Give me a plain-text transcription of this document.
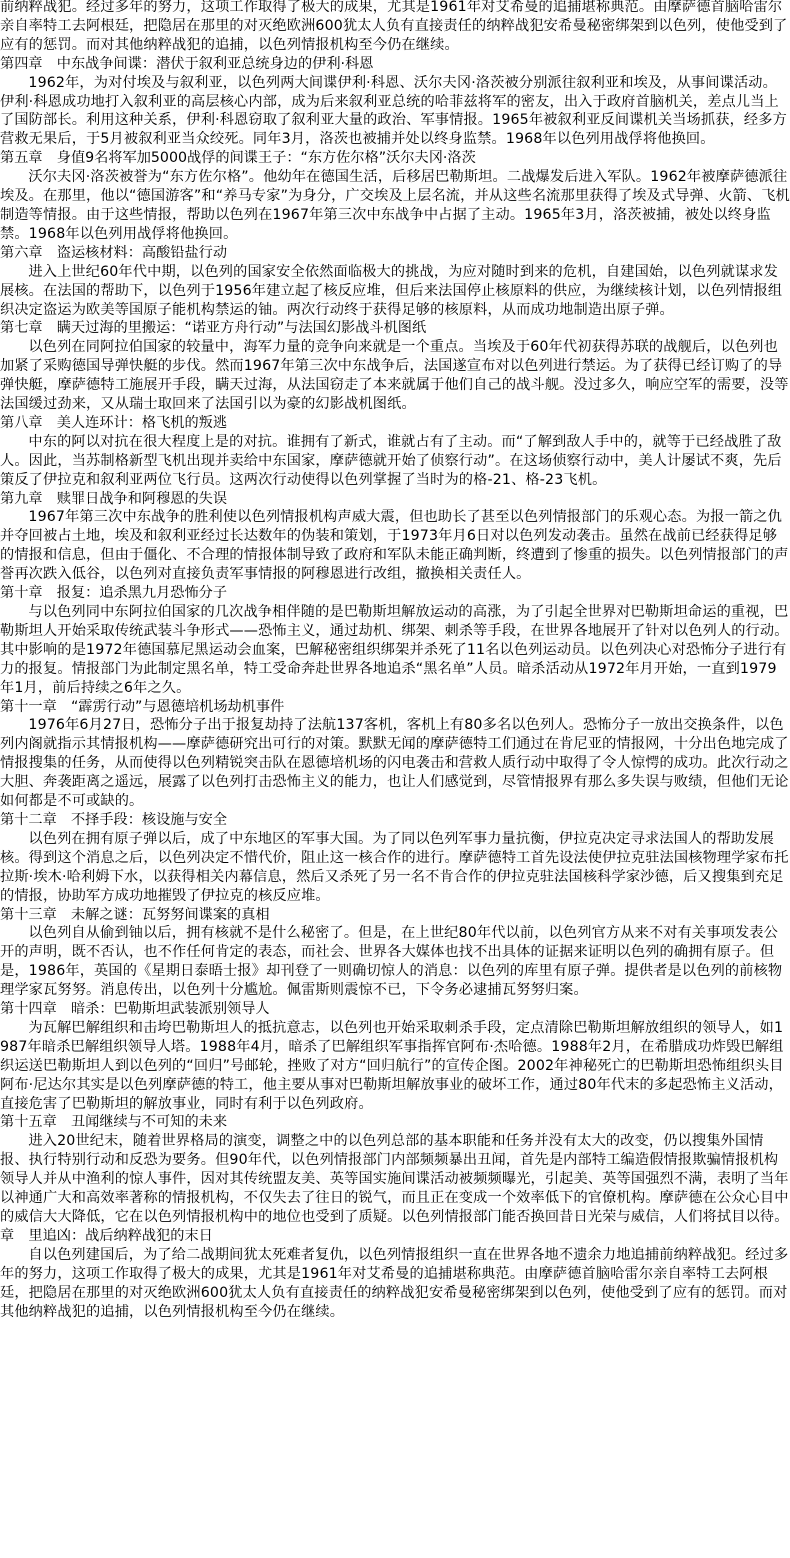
前纳粹战犯。经过多年的努力，这项工作取得了极大的成果，尤其是1961年对艾希曼的追捕堪称典范。由摩萨德首脑哈雷尔亲自率特工去阿根廷，把隐居在那里的对灭绝欧洲600犹太人负有直接责任的纳粹战犯安希曼秘密绑架到以色列，使他受到了应有的惩罚。而对其他纳粹战犯的追捕，以色列情报机构至今仍在继续。
第四章　中东战争间谍：潜伏于叙利亚总统身边的伊利·科恩
1962年，为对付埃及与叙利亚，以色列两大间谍伊利·科恩、沃尔夫冈·洛茨被分别派往叙利亚和埃及，从事间谍活动。伊利·科恩成功地打入叙利亚的高层核心内部，成为后来叙利亚总统的哈菲兹将军的密友，出入于政府首脑机关，差点儿当上了国防部长。利用这种关系，伊利·科恩窃取了叙利亚大量的政治、军事情报。1965年被叙利亚反间谍机关当场抓获，经多方营救无果后，于5月被叙利亚当众绞死。同年3月，洛茨也被捕并处以终身监禁。1968年以色列用战俘将他换回。
第五章　身值9名将军加5000战俘的间谍王子：“东方佐尔格”沃尔夫冈·洛茨
沃尔夫冈·洛茨被誉为“东方佐尔格”。他幼年在德国生活，后移居巴勒斯坦。二战爆发后进入军队。1962年被摩萨德派往埃及。在那里，他以“德国游客”和“养马专家”为身分，广交埃及上层名流，并从这些名流那里获得了埃及式导弹、火箭、飞机制造等情报。由于这些情报，帮助以色列在1967年第三次中东战争中占据了主动。1965年3月，洛茨被捕，被处以终身监禁。1968年以色列用战俘将他换回。
第六章　盗运核材料：高酸铅盐行动
进入上世纪60年代中期，以色列的国家安全依然面临极大的挑战，为应对随时到来的危机，自建国始，以色列就谋求发展核。在法国的帮助下，以色列于1956年建立起了核反应堆，但后来法国停止核原料的供应，为继续核计划，以色列情报组织决定盗运为欧美等国原子能机构禁运的铀。两次行动终于获得足够的核原料，从而成功地制造出原子弹。
第七章　瞒天过海的里搬运：“诺亚方舟行动”与法国幻影战斗机图纸
以色列在同阿拉伯国家的较量中，海军力量的竞争向来就是一个重点。当埃及于60年代初获得苏联的战舰后，以色列也加紧了采购德国导弹快艇的步伐。然而1967年第三次中东战争后，法国遂宣布对以色列进行禁运。为了获得已经订购了的导弹快艇，摩萨德特工施展开手段，瞒天过海，从法国窃走了本来就属于他们自己的战斗舰。没过多久，响应空军的需要，没等法国缓过劲来，又从瑞士取回来了法国引以为豪的幻影战机图纸。
第八章　美人连环计：格飞机的叛逃
中东的阿以对抗在很大程度上是的对抗。谁拥有了新式，谁就占有了主动。而“了解到敌人手中的，就等于已经战胜了敌人。因此，当苏制格新型飞机出现并卖给中东国家，摩萨德就开始了侦察行动”。在这场侦察行动中，美人计屡试不爽，先后策反了伊拉克和叙利亚两位飞行员。这两次行动使得以色列掌握了当时为的格-21、格-23飞机。
第九章　赎罪日战争和阿穆恩的失误
1967年第三次中东战争的胜利使以色列情报机构声威大震，但也助长了甚至以色列情报部门的乐观心态。为报一箭之仇并夺回被占土地，埃及和叙利亚经过长达数年的伪装和策划，于1973年月6日对以色列发动袭击。虽然在战前已经获得足够的情报和信息，但由于僵化、不合理的情报体制导致了政府和军队未能正确判断，终遭到了惨重的损失。以色列情报部门的声誉再次跌入低谷，以色列对直接负责军事情报的阿穆恩进行改组，撤换相关责任人。
第十章　报复：追杀黑九月恐怖分子
与以色列同中东阿拉伯国家的几次战争相伴随的是巴勒斯坦解放运动的高涨，为了引起全世界对巴勒斯坦命运的重视，巴勒斯坦人开始采取传统武装斗争形式——恐怖主义，通过劫机、绑架、刺杀等手段，在世界各地展开了针对以色列人的行动。其中影响的是1972年德国慕尼黑运动会血案，巴解秘密组织绑架并杀死了11名以色列运动员。以色列决心对恐怖分子进行有力的报复。情报部门为此制定黑名单，特工受命奔赴世界各地追杀“黑名单”人员。暗杀活动从1972年月开始，一直到1979年1月，前后持续之6年之久。
第十一章　“霹雳行动”与恩德培机场劫机事件
1976年6月27日，恐怖分子出于报复劫持了法航137客机，客机上有80多名以色列人。恐怖分子一放出交换条件，以色列内阁就指示其情报机构——摩萨德研究出可行的对策。默默无闻的摩萨德特工们通过在肯尼亚的情报网，十分出色地完成了情报搜集的任务，从而使得以色列精锐突击队在恩德培机场的闪电袭击和营救人质行动中取得了令人惊愕的成功。此次行动之大胆、奔袭距离之遥远，展露了以色列打击恐怖主义的能力，也让人们感觉到，尽管情报界有那么多失误与败绩，但他们无论如何都是不可或缺的。
第十二章　不择手段：核设施与安全
以色列在拥有原子弹以后，成了中东地区的军事大国。为了同以色列军事力量抗衡，伊拉克决定寻求法国人的帮助发展核。得到这个消息之后，以色列决定不惜代价，阻止这一核合作的进行。摩萨德特工首先设法使伊拉克驻法国核物理学家布托拉斯·埃木·哈利姆下水，以获得相关内幕信息，然后又杀死了另一名不肯合作的伊拉克驻法国核科学家沙德，后又搜集到充足的情报，协助军方成功地摧毁了伊拉克的核反应堆。
第十三章　未解之谜：瓦努努间谍案的真相
以色列自从偷到铀以后，拥有核就不是什么秘密了。但是，在上世纪80年代以前，以色列官方从来不对有关事项发表公开的声明，既不否认，也不作任何肯定的表态，而社会、世界各大媒体也找不出具体的证据来证明以色列的确拥有原子。但是，1986年，英国的《星期日泰晤士报》却刊登了一则确切惊人的消息：以色列的库里有原子弹。提供者是以色列的前核物理学家瓦努努。消息传出，以色列十分尴尬。佩雷斯则震惊不已，下令务必逮捕瓦努努归案。
第十四章　暗杀：巴勒斯坦武装派别领导人
为瓦解巴解组织和击垮巴勒斯坦人的抵抗意志，以色列也开始采取刺杀手段，定点清除巴勒斯坦解放组织的领导人，如1987年暗杀巴解组织领导人塔。1988年4月，暗杀了巴解组织军事指挥官阿布·杰哈德。1988年2月，在希腊成功炸毁巴解组织运送巴勒斯坦人到以色列的“回归”号邮轮，挫败了对方“回归航行”的宣传企图。2002年神秘死亡的巴勒斯坦恐怖组织头目阿布·尼达尔其实是以色列摩萨德的特工，他主要从事对巴勒斯坦解放事业的破坏工作，通过80年代末的多起恐怖主义活动，直接危害了巴勒斯坦的解放事业，同时有利于以色列政府。
第十五章　丑闻继续与不可知的未来
进入20世纪末，随着世界格局的演变，调整之中的以色列总部的基本职能和任务并没有太大的改变，仍以搜集外国情报、执行特别行动和反恐为要务。但90年代，以色列情报部门内部频频暴出丑闻，首先是内部特工编造假情报欺骗情报机构领导人并从中渔利的惊人事件，因对其传统盟友美、英等国实施间谍活动被频频曝光，引起美、英等国强烈不满，表明了当年以神通广大和高效率著称的情报机构，不仅失去了往日的锐气，而且正在变成一个效率低下的官僚机构。摩萨德在公众心目中的威信大大降低，它在以色列情报机构中的地位也受到了质疑。以色列情报部门能否换回昔日光荣与威信，人们将拭目以待。
章　里追凶：战后纳粹战犯的末日
自以色列建国后，为了给二战期间犹太死难者复仇，以色列情报组织一直在世界各地不遗余力地追捕前纳粹战犯。经过多年的努力，这项工作取得了极大的成果，尤其是1961年对艾希曼的追捕堪称典范。由摩萨德首脑哈雷尔亲自率特工去阿根廷，把隐居在那里的对灭绝欧洲600犹太人负有直接责任的纳粹战犯安希曼秘密绑架到以色列，使他受到了应有的惩罚。而对其他纳粹战犯的追捕，以色列情报机构至今仍在继续。
